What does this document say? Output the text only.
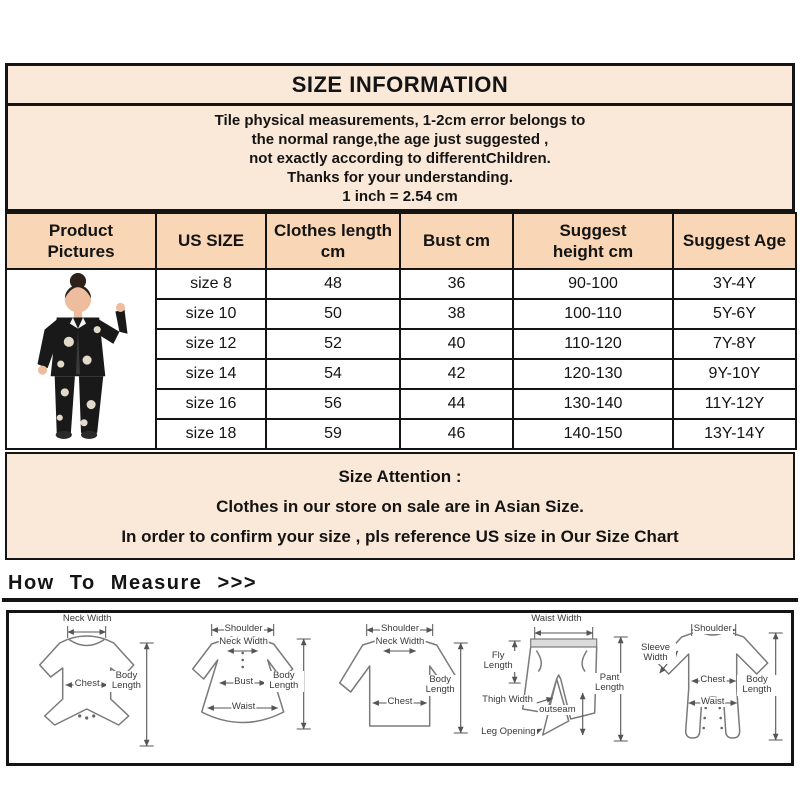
SIZE INFORMATION
Tile physical measurements, 1-2cm error belongs to
the normal range,the age just suggested ,
not exactly according to differentChildren.
Thanks for your understanding.
1 inch = 2.54 cm
Product Pictures	US SIZE	Clothes length cm	Bust cm	Suggest height cm	Suggest Age
	size 8	48	36	90-100	3Y-4Y
	size 10	50	38	100-110	5Y-6Y
	size 12	52	40	110-120	7Y-8Y
	size 14	54	42	120-130	9Y-10Y
	size 16	56	44	130-140	11Y-12Y
	size 18	59	46	140-150	13Y-14Y
Size Attention :
Clothes in our store on sale are in Asian Size.
In order to confirm your size , pls reference US size in Our Size Chart
How To Measure >>>
Neck Width
Chest
Body Length
Shoulder
Neck Width
Bust
Waist
Body Length
Shoulder
Neck Width
Chest
Body Length
Waist Width
Fly Length
Thigh Width
Leg Opening
outseam
Pant Length
Shoulder
Sleeve Width
Chest
Waist
Body Length
